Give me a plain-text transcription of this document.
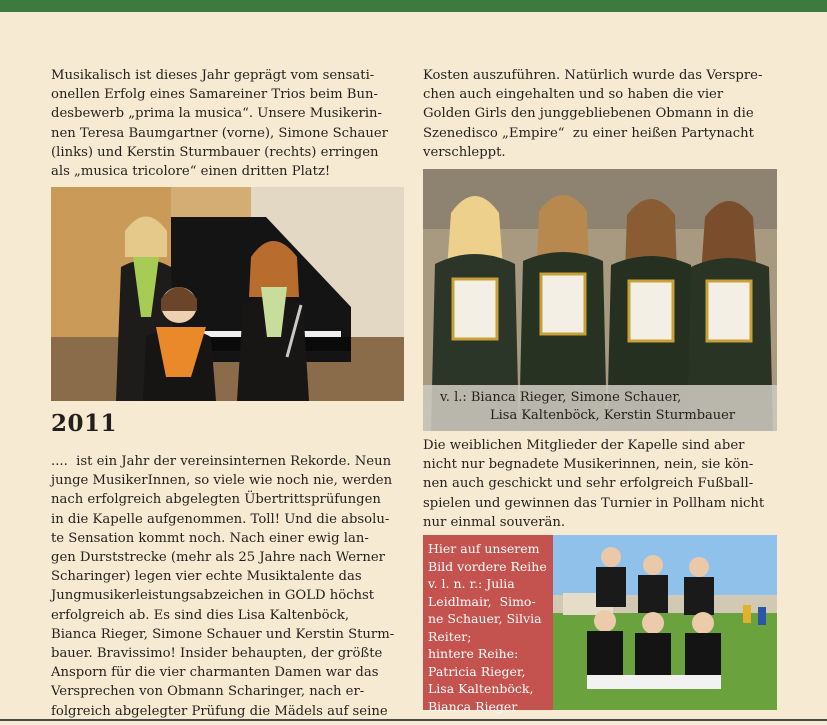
Musikalisch ist dieses Jahr geprägt vom sensati-
onellen Erfolg eines Samareiner Trios beim Bun-
desbewerb „prima la musica“. Unsere Musikerin-
nen Teresa Baumgartner (vorne), Simone Schauer
(links) und Kerstin Sturmbauer (rechts) erringen
als „musica tricolore“ einen dritten Platz!

2011

....  ist ein Jahr der vereinsinternen Rekorde. Neun
junge MusikerInnen, so viele wie noch nie, werden
nach erfolgreich abgelegten Übertrittsprüfungen
in die Kapelle aufgenommen. Toll! Und die absolu-
te Sensation kommt noch. Nach einer ewig lan-
gen Durststrecke (mehr als 25 Jahre nach Werner
Scharinger) legen vier echte Musiktalente das
Jungmusikerleistungsabzeichen in GOLD höchst
erfolgreich ab. Es sind dies Lisa Kaltenböck,
Bianca Rieger, Simone Schauer und Kerstin Sturm-
bauer. Bravissimo! Insider behaupten, der größte
Ansporn für die vier charmanten Damen war das
Versprechen von Obmann Scharinger, nach er-
folgreich abgelegter Prüfung die Mädels auf seine

Kosten auszuführen. Natürlich wurde das Verspre-
chen auch eingehalten und so haben die vier
Golden Girls den junggebliebenen Obmann in die
Szenedisco „Empire“  zu einer heißen Partynacht
verschleppt.

v. l.: Bianca Rieger, Simone Schauer,
Lisa Kaltenböck, Kerstin Sturmbauer

Die weiblichen Mitglieder der Kapelle sind aber
nicht nur begnadete Musikerinnen, nein, sie kön-
nen auch geschickt und sehr erfolgreich Fußball-
spielen und gewinnen das Turnier in Pollham nicht
nur einmal souverän.

Hier auf unserem
Bild vordere Reihe
v. l. n. r.: Julia
Leidlmair,  Simo-
ne Schauer, Silvia
Reiter;
hintere Reihe:
Patricia Rieger,
Lisa Kaltenböck,
Bianca Rieger
